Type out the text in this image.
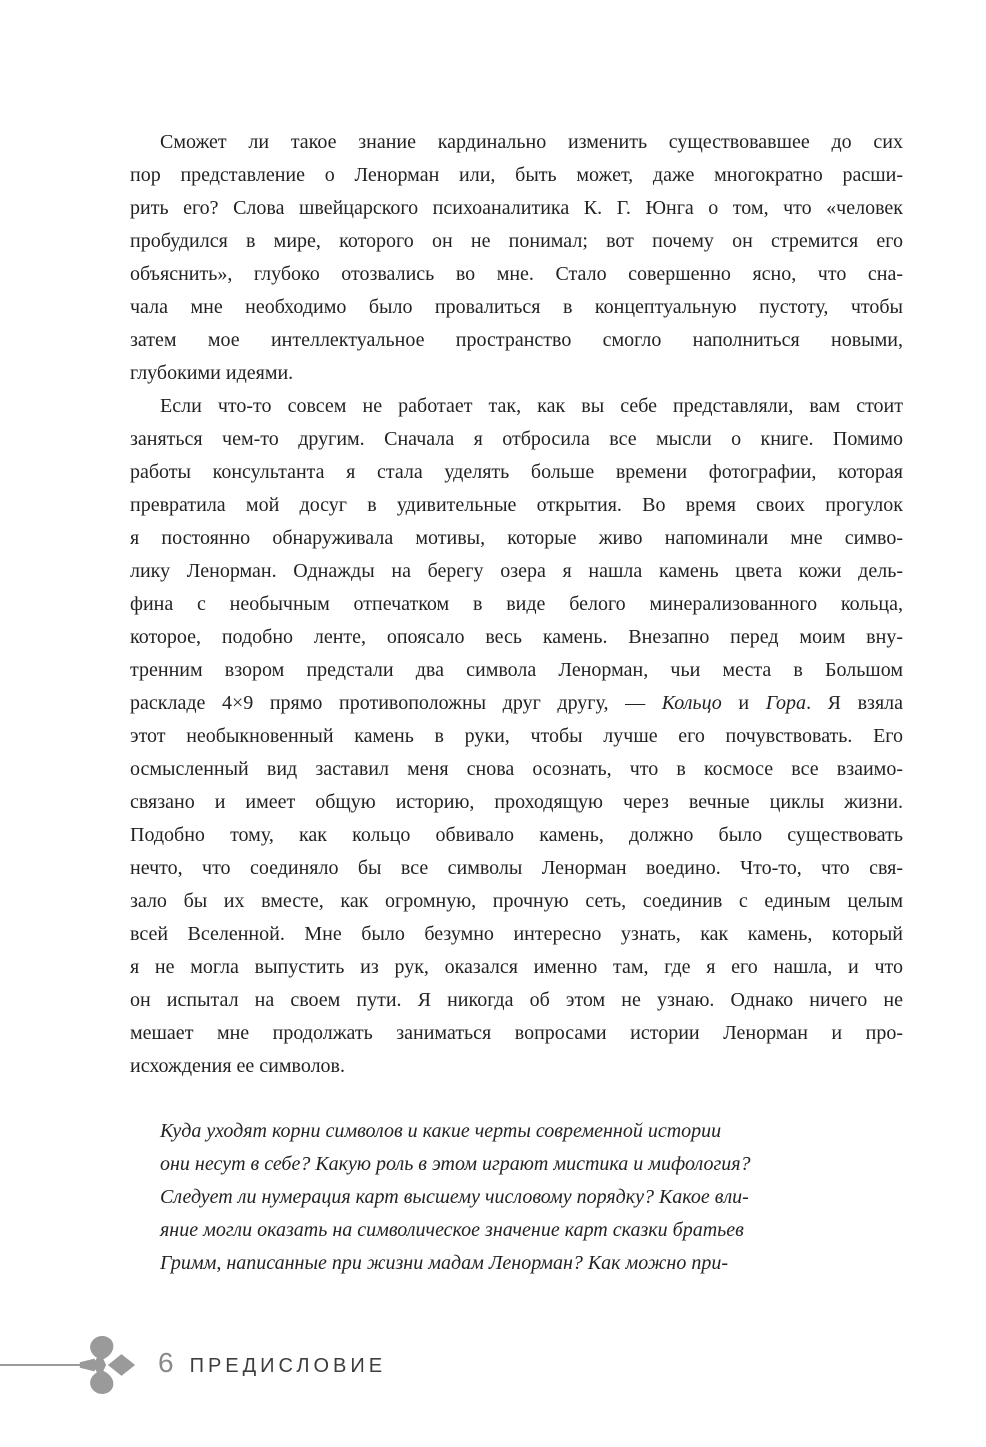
Сможет ли такое знание кардинально изменить существовавшее до сих
пор представление о Ленорман или, быть может, даже многократно расши-
рить его? Слова швейцарского психоаналитика К. Г. Юнга о том, что «человек
пробудился в мире, которого он не понимал; вот почему он стремится его
объяснить», глубоко отозвались во мне. Стало совершенно ясно, что сна-
чала мне необходимо было провалиться в концептуальную пустоту, чтобы
затем мое интеллектуальное пространство смогло наполниться новыми,
глубокими идеями.
Если что-то совсем не работает так, как вы себе представляли, вам стоит
заняться чем-то другим. Сначала я отбросила все мысли о книге. Помимо
работы консультанта я стала уделять больше времени фотографии, которая
превратила мой досуг в удивительные открытия. Во время своих прогулок
я постоянно обнаруживала мотивы, которые живо напоминали мне симво-
лику Ленорман. Однажды на берегу озера я нашла камень цвета кожи дель-
фина с необычным отпечатком в виде белого минерализованного кольца,
которое, подобно ленте, опоясало весь камень. Внезапно перед моим вну-
тренним взором предстали два символа Ленорман, чьи места в Большом
раскладе 4×9 прямо противоположны друг другу, — Кольцо и Гора. Я взяла
этот необыкновенный камень в руки, чтобы лучше его почувствовать. Его
осмысленный вид заставил меня снова осознать, что в космосе все взаимо-
связано и имеет общую историю, проходящую через вечные циклы жизни.
Подобно тому, как кольцо обвивало камень, должно было существовать
нечто, что соединяло бы все символы Ленорман воедино. Что-то, что свя-
зало бы их вместе, как огромную, прочную сеть, соединив с единым целым
всей Вселенной. Мне было безумно интересно узнать, как камень, который
я не могла выпустить из рук, оказался именно там, где я его нашла, и что
он испытал на своем пути. Я никогда об этом не узнаю. Однако ничего не
мешает мне продолжать заниматься вопросами истории Ленорман и про-
исхождения ее символов.
Куда уходят корни символов и какие черты современной истории
они несут в себе? Какую роль в этом играют мистика и мифология?
Следует ли нумерация карт высшему числовому порядку? Какое вли-
яние могли оказать на символическое значение карт сказки братьев
Гримм, написанные при жизни мадам Ленорман? Как можно при-
6 ПРЕДИСЛОВИЕ
